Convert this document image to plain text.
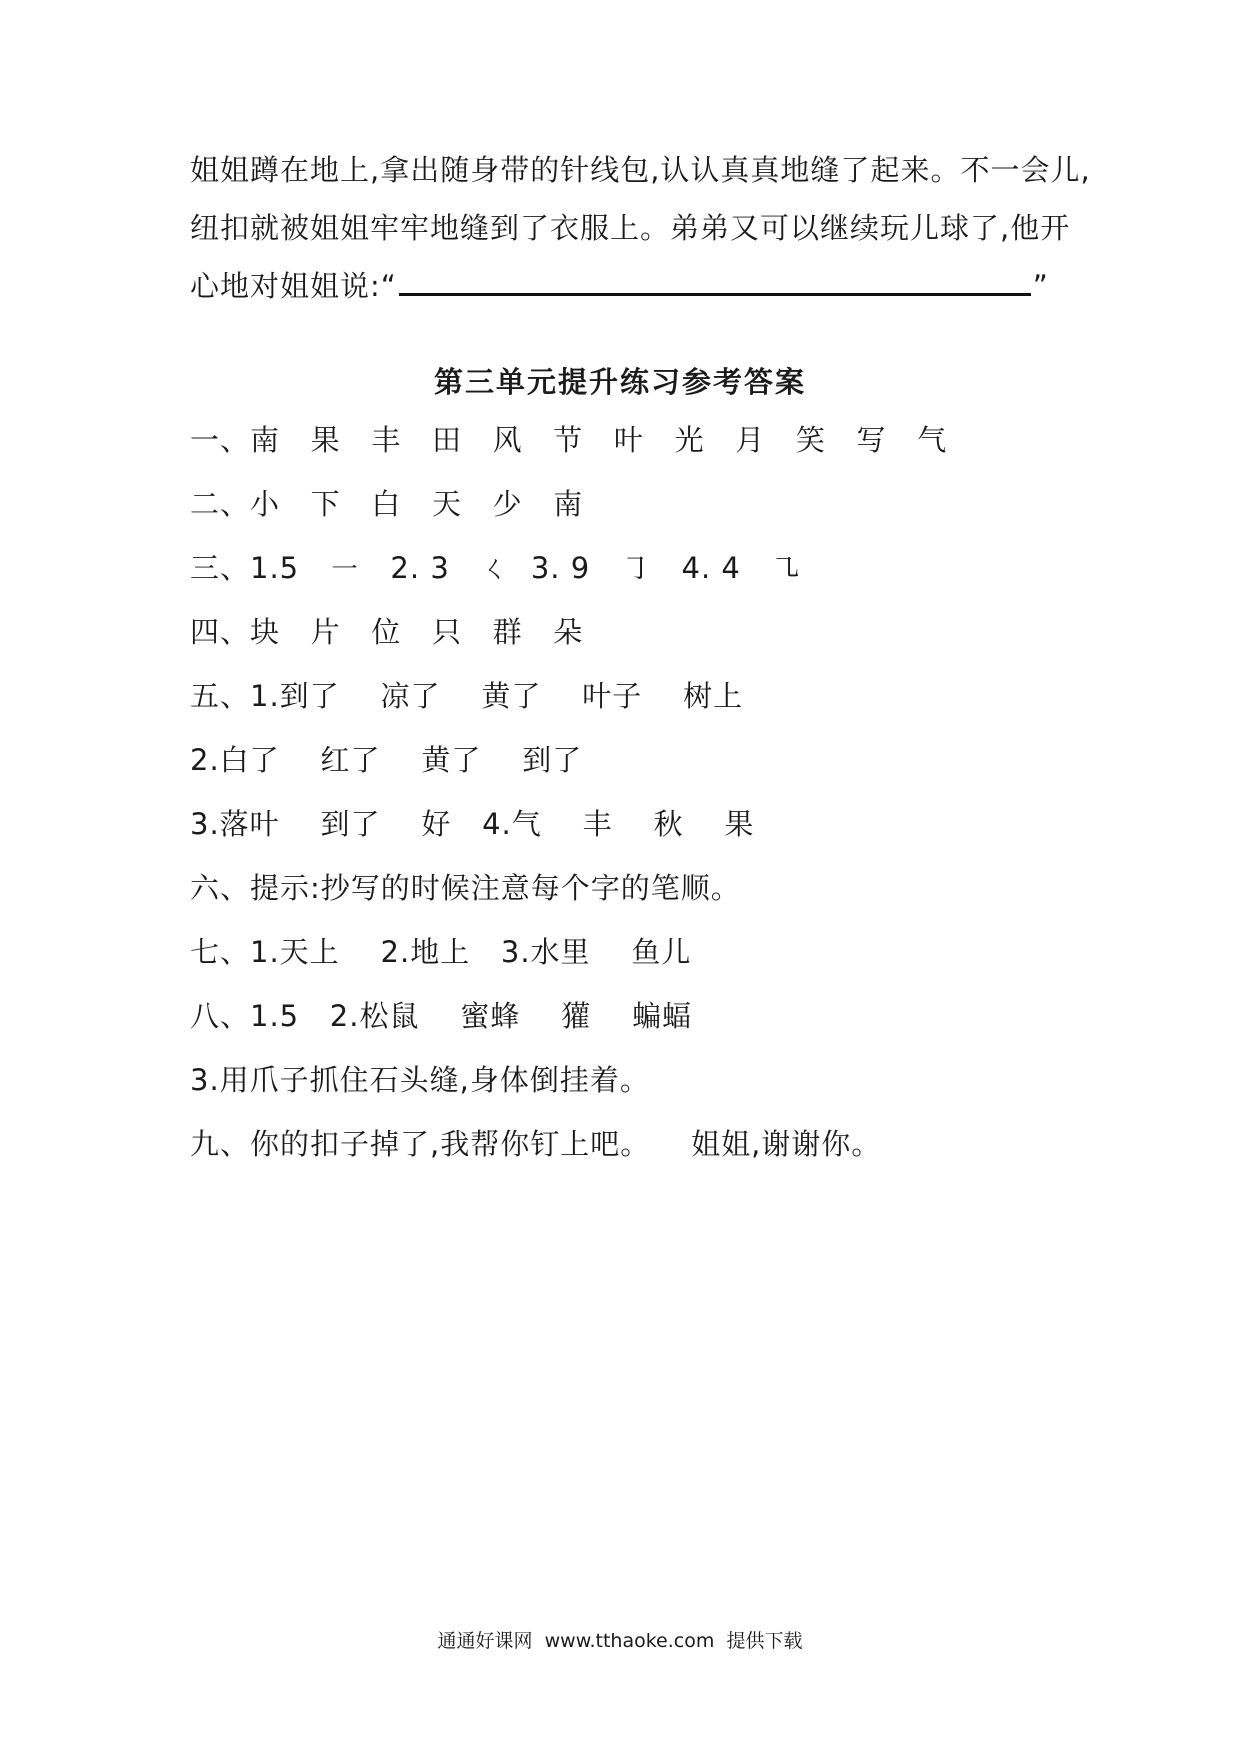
姐姐蹲在地上,拿出随身带的针线包,认认真真地缝了起来。不一会儿,
纽扣就被姐姐牢牢地缝到了衣服上。弟弟又可以继续玩儿球了,他开
心地对姐姐说:“	”
第三单元提升练习参考答案
一、南   果   丰   田   风   节   叶   光   月   笑   写   气
二、小   下   白   天   少   南
三、1.5   ㇐   2. 3   ㄑ  3. 9   ㇆   4. 4   ㇈
四、块   片   位   只   群   朵
五、1.到了    凉了    黄了    叶子    树上
2.白了    红了    黄了    到了
3.落叶    到了    好   4.气    丰    秋    果
六、提示:抄写的时候注意每个字的笔顺。
七、1.天上    2.地上   3.水里    鱼儿
八、1.5   2.松鼠    蜜蜂    獾    蝙蝠
3.用爪子抓住石头缝,身体倒挂着。
九、你的扣子掉了,我帮你钉上吧。    姐姐,谢谢你。
通通好课网  www.tthaoke.com  提供下载
